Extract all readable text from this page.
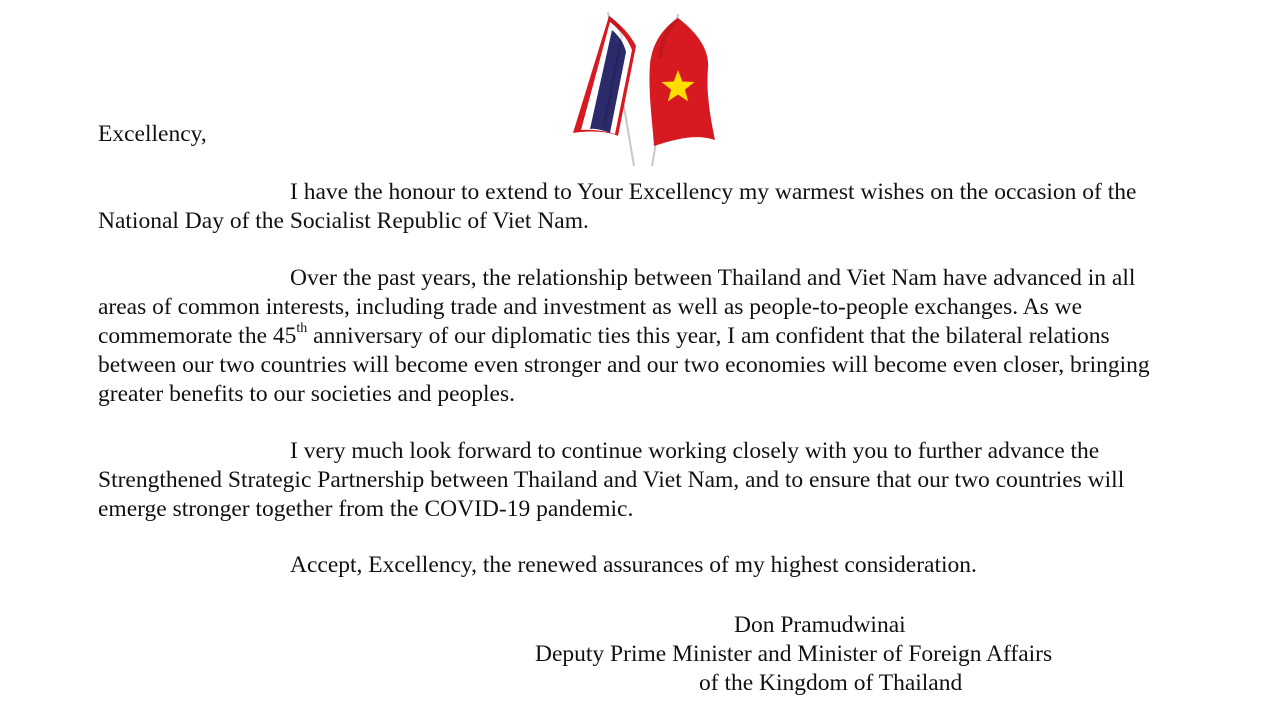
Excellency,

I have the honour to extend to Your Excellency my warmest wishes on the occasion of the National Day of the Socialist Republic of Viet Nam.

Over the past years, the relationship between Thailand and Viet Nam have advanced in all areas of common interests, including trade and investment as well as people-to-people exchanges. As we commemorate the 45th anniversary of our diplomatic ties this year, I am confident that the bilateral relations between our two countries will become even stronger and our two economies will become even closer, bringing greater benefits to our societies and peoples.

I very much look forward to continue working closely with you to further advance the Strengthened Strategic Partnership between Thailand and Viet Nam, and to ensure that our two countries will emerge stronger together from the COVID-19 pandemic.

Accept, Excellency, the renewed assurances of my highest consideration.

Don Pramudwinai
Deputy Prime Minister and Minister of Foreign Affairs
of the Kingdom of Thailand
